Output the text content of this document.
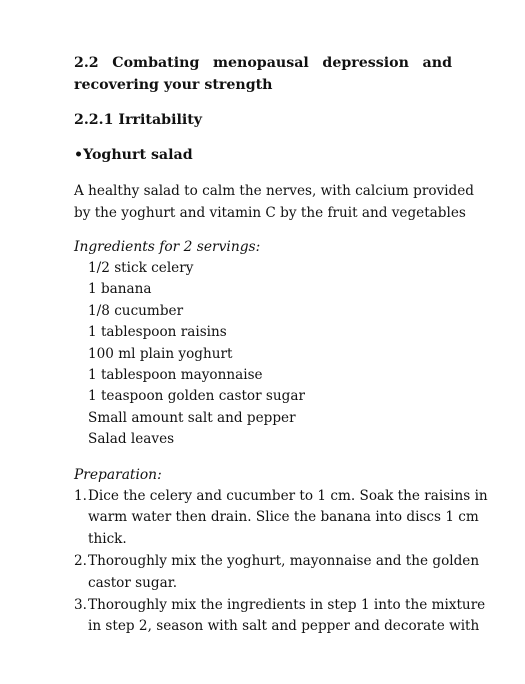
2.2 Combating menopausal depression and
recovering your strength
2.2.1 Irritability
•Yoghurt salad

A healthy salad to calm the nerves, with calcium provided
by the yoghurt and vitamin C by the fruit and vegetables

Ingredients for 2 servings:

1/2 stick celery
1 banana
1/8 cucumber
1 tablespoon raisins
100 ml plain yoghurt
1 tablespoon mayonnaise
1 teaspoon golden castor sugar
Small amount salt and pepper
Salad leaves

Preparation:

1. Dice the celery and cucumber to 1 cm. Soak the raisins in
warm water then drain. Slice the banana into discs 1 cm
thick.
2. Thoroughly mix the yoghurt, mayonnaise and the golden
castor sugar.
3. Thoroughly mix the ingredients in step 1 into the mixture
in step 2, season with salt and pepper and decorate with
